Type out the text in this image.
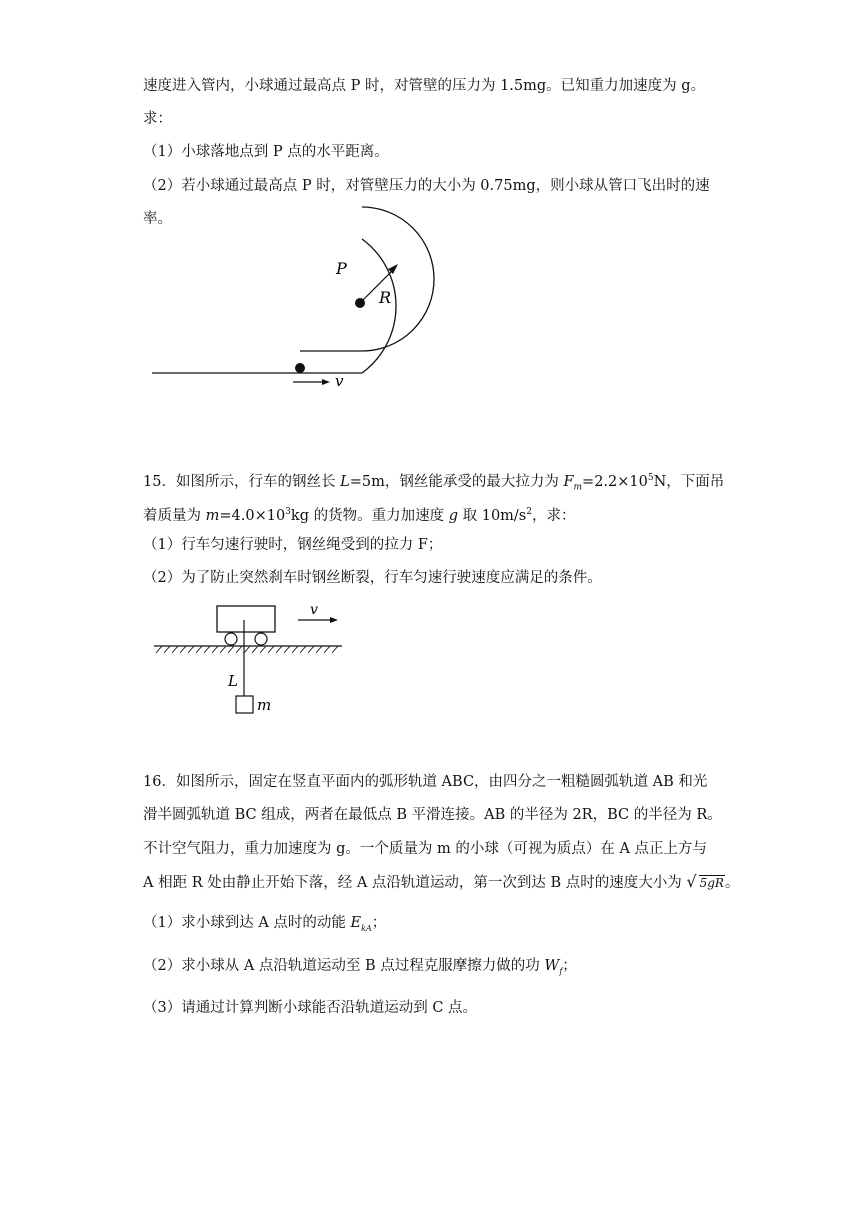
速度进入管内，小球通过最高点 P 时，对管壁的压力为 1.5mg。已知重力加速度为 g。
求：
（1）小球落地点到 P 点的水平距离。
（2）若小球通过最高点 P 时，对管壁压力的大小为 0.75mg，则小球从管口飞出时的速
率。
P
R
v
15．如图所示，行车的钢丝长 L=5m，钢丝能承受的最大拉力为 $F_m=2.2\times 10^5N$，下面吊
着质量为 $m=4.0\times 10^3kg$ 的货物。重力加速度 g 取 $10m/s^2$，求：
（1）行车匀速行驶时，钢丝绳受到的拉力 F；
（2）为了防止突然刹车时钢丝断裂，行车匀速行驶速度应满足的条件。
v
L
m
16．如图所示，固定在竖直平面内的弧形轨道 ABC，由四分之一粗糙圆弧轨道 AB 和光
滑半圆弧轨道 BC 组成，两者在最低点 B 平滑连接。AB 的半径为 2R，BC 的半径为 R。
不计空气阻力，重力加速度为 g。一个质量为 m 的小球（可视为质点）在 A 点正上方与
A 相距 R 处由静止开始下落，经 A 点沿轨道运动，第一次到达 B 点时的速度大小为 √ 5gR。
（1）求小球到达 A 点时的动能 $E_{kA}$；
（2）求小球从 A 点沿轨道运动至 B 点过程克服摩擦力做的功 $W_f$；
（3）请通过计算判断小球能否沿轨道运动到 C 点。
